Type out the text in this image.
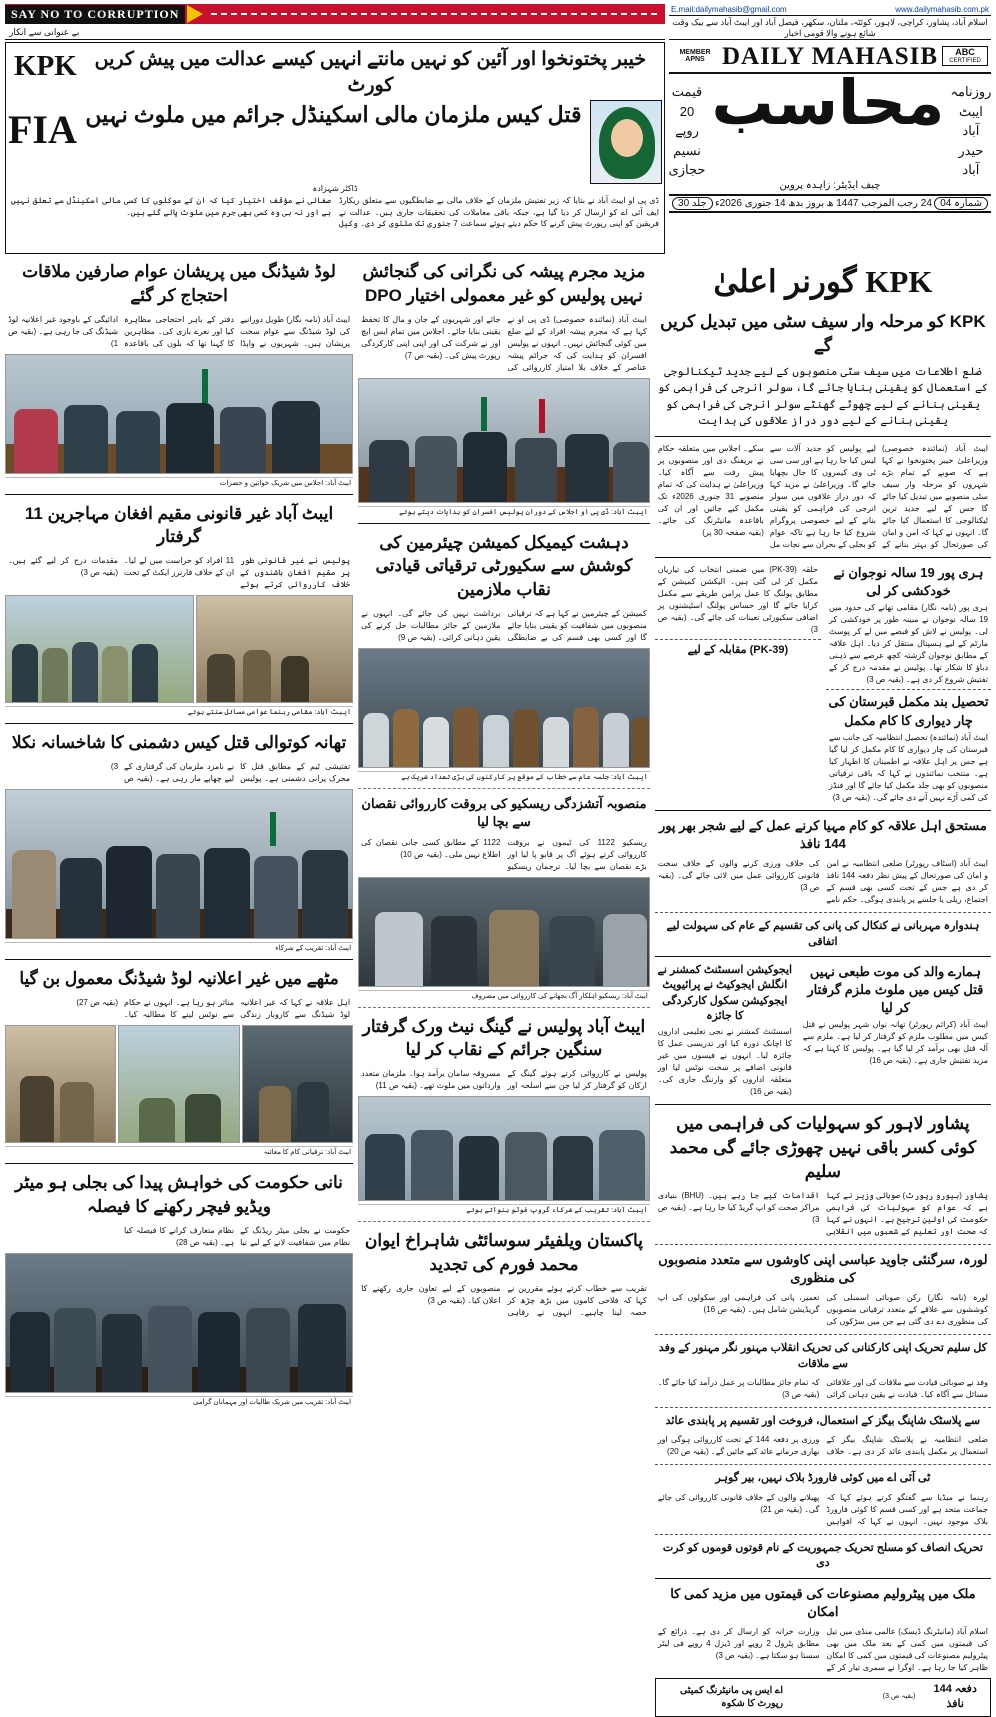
E.mail:dailymahasib@gmail.com	www.dailymahasib.com.pk
اسلام آباد، پشاور، کراچی، لاہور، کوئٹہ، ملتان، سکھر، فیصل آباد اور ایبٹ آباد سے بیک وقت شائع ہونے والا قومی اخبار
MEMBER
APNS DAILY MAHASIB	ABC
CERTIFIED
روزنامہ
ایبٹ آباد
حیدر آباد
محاسب
قیمت 20 روپے
نسیم حجازی
چیف ایڈیٹر: زاہدہ پروین
جلد 30 بروز بدھ 14 جنوری 2026ء 24 رجب المرجب 1447 ھ شمارہ 04
SAY NO TO CORRUPTION
بے عنوانی سے انکار
KPK خیبر پختونخوا اور آئین کو نہیں مانتے انہیں کیسے عدالت میں پیش کریں کورٹ
قتل کیس ملزمان مالی اسکینڈل جرائم میں ملوث نہیں
FIA
ڈاکٹر شہزادہ
ڈی پی او ایبٹ آباد نے بتایا کہ زیر تفتیش ملزمان کے خلاف مالی بے ضابطگیوں سے متعلق ریکارڈ ایف آئی اے کو ارسال کر دیا گیا ہے، جبکہ باقی معاملات کی تحقیقات جاری ہیں۔ عدالت نے فریقین کو اپنی رپورٹ پیش کرنے کا حکم دیتے ہوئے سماعت 7 جنوری تک ملتوی کر دی۔ وکیل صفائی نے مؤقف اختیار کیا کہ ان کے موکلوں کا کسی مالی اسکینڈل سے تعلق نہیں ہے اور نہ ہی وہ کسی بھی جرم میں ملوث پائے گئے ہیں۔
KPK گورنر اعلیٰ
KPK کو مرحلہ وار سیف سٹی میں تبدیل کریں گے
ضلع اطلاعات میں سیف سٹی منصوبوں کے لیے جدید ٹیکنالوجی کے استعمال کو یقینی بنایا جائے گا، سولر انرجی کی فراہمی کو یقینی بنانے کے لیے چھوٹے گھنٹے سولر انرجی کی فراہمی کو یقینی بنانے کے لیے دور دراز علاقوں کی ہدایت
ایبٹ آباد (نمائندہ خصوصی) وزیراعلیٰ خیبر پختونخوا نے کہا ہے کہ صوبے کے تمام بڑے شہروں کو مرحلہ وار سیف سٹی منصوبے میں تبدیل کیا جائے گا جس کے لیے جدید ترین ٹیکنالوجی کا استعمال کیا جائے گا۔ انہوں نے کہا کہ امن و امان کی صورتحال کو بہتر بنانے کے لیے پولیس کو جدید آلات سے لیس کیا جا رہا ہے اور سی سی ٹی وی کیمروں کا جال بچھایا جائے گا۔ وزیراعلیٰ نے مزید کہا کہ دور دراز علاقوں میں سولر انرجی کی فراہمی کو یقینی بنانے کے لیے خصوصی پروگرام شروع کیا جا رہا ہے تاکہ عوام کو بجلی کے بحران سے نجات مل سکے۔ اجلاس میں متعلقہ حکام نے بریفنگ دی اور منصوبوں پر پیش رفت سے آگاہ کیا۔ وزیراعلیٰ نے ہدایت کی کہ تمام منصوبے 31 جنوری 2026ء تک مکمل کیے جائیں اور ان کی باقاعدہ مانیٹرنگ کی جائے۔ (بقیہ صفحہ 30 پر)
ہری پور 19 سالہ نوجوان نے خودکشی کر لی
ہری پور (نامہ نگار) مقامی تھانے کی حدود میں 19 سالہ نوجوان نے مبینہ طور پر خودکشی کر لی۔ پولیس نے لاش کو قبضے میں لے کر پوسٹ مارٹم کے لیے ہسپتال منتقل کر دیا۔ اہل علاقہ کے مطابق نوجوان گزشتہ کچھ عرصے سے ذہنی دباؤ کا شکار تھا۔ پولیس نے مقدمہ درج کر کے تفتیش شروع کر دی ہے۔ (بقیہ ص 3)
تحصیل بند مکمل قبرستان کی چار دیواری کا کام مکمل
ایبٹ آباد (نمائندہ) تحصیل انتظامیہ کی جانب سے قبرستان کی چار دیواری کا کام مکمل کر لیا گیا ہے جس پر اہل علاقہ نے اطمینان کا اظہار کیا ہے۔ منتخب نمائندوں نے کہا کہ باقی ترقیاتی منصوبوں کو بھی جلد مکمل کیا جائے گا اور فنڈز کی کمی آڑے نہیں آنے دی جائے گی۔ (بقیہ ص 3)
حلقہ (39-PK) میں ضمنی انتخاب کی تیاریاں مکمل کر لی گئی ہیں۔ الیکشن کمیشن کے مطابق پولنگ کا عمل پرامن طریقے سے مکمل کرایا جائے گا اور حساس پولنگ اسٹیشنوں پر اضافی سکیورٹی تعینات کی جائے گی۔ (بقیہ ص 3)
(39-PK) مقابلہ کے لیے
مستحق اہل علاقہ کو کام مہیا کرنے عمل کے لیے شجر بھر پور 144 نافذ
ایبٹ آباد (اسٹاف رپورٹر) ضلعی انتظامیہ نے امن و امان کی صورتحال کے پیش نظر دفعہ 144 نافذ کر دی ہے جس کے تحت کسی بھی قسم کے اجتماع، ریلی یا جلسے پر پابندی ہوگی۔ حکم نامے کی خلاف ورزی کرنے والوں کے خلاف سخت قانونی کارروائی عمل میں لائی جائے گی۔ (بقیہ ص 3)
ہندوارہ مہربانی نے کنکال کی پانی کی تقسیم کے عام کی سہولت لیے اتفاقی
ہمارے والد کی موت طبعی نہیں قتل کیس میں ملوث ملزم گرفتار کر لیا
ایبٹ آباد (کرائم رپورٹر) تھانہ نواں شہر پولیس نے قتل کیس میں مطلوب ملزم کو گرفتار کر لیا ہے۔ ملزم سے آلہ قتل بھی برآمد کر لیا گیا ہے۔ پولیس کا کہنا ہے کہ مزید تفتیش جاری ہے۔ (بقیہ ص 16)
ایجوکیشن اسسٹنٹ کمشنر نے انگلش ایجوکیٹ نے پرائیویٹ ایجوکیشن سکول کارکردگی کا جائزہ
اسسٹنٹ کمشنر نے نجی تعلیمی اداروں کا اچانک دورہ کیا اور تدریسی عمل کا جائزہ لیا۔ انہوں نے فیسوں میں غیر قانونی اضافے پر سخت نوٹس لیا اور متعلقہ اداروں کو وارننگ جاری کی۔ (بقیہ ص 16)
پشاور لاہور کو سہولیات کی فراہمی میں کوئی کسر باقی نہیں چھوڑی جائے گی محمد سلیم
پشاور (بیورو رپورٹ) صوبائی وزیر نے کہا ہے کہ عوام کو سہولیات کی فراہمی حکومت کی اولین ترجیح ہے۔ انہوں نے کہا کہ صحت اور تعلیم کے شعبوں میں انقلابی اقدامات کیے جا رہے ہیں۔ (BHU) بنیادی مراکز صحت کو اپ گریڈ کیا جا رہا ہے۔ (بقیہ ص 3)
لورہ، سرگنئی جاوید عباسی اپنی کاوشوں سے متعدد منصوبوں کی منظوری
لورہ (نامہ نگار) رکن صوبائی اسمبلی کی کوششوں سے علاقے کے متعدد ترقیاتی منصوبوں کی منظوری دے دی گئی ہے جن میں سڑکوں کی تعمیر، پانی کی فراہمی اور سکولوں کی اپ گریڈیشن شامل ہیں۔ (بقیہ ص 16)
کل سلیم تحریک اپنی کارکنانی کی تحریک انقلاب مہنور نگر مہنور کے وفد سے ملاقات
وفد نے صوبائی قیادت سے ملاقات کی اور علاقائی مسائل سے آگاہ کیا۔ قیادت نے یقین دہانی کرائی کہ تمام جائز مطالبات پر عمل درآمد کیا جائے گا۔ (بقیہ ص 3)
سے پلاسٹک شاپنگ بیگز کے استعمال، فروخت اور تقسیم پر پابندی عائد
ضلعی انتظامیہ نے پلاسٹک شاپنگ بیگز کے استعمال پر مکمل پابندی عائد کر دی ہے۔ خلاف ورزی پر دفعہ 144 کے تحت کارروائی ہوگی اور بھاری جرمانے عائد کیے جائیں گے۔ (بقیہ ص 20)
ٹی آئی اے میں کوئی فارورڈ بلاک نہیں، بیر گوہر
رہنما نے میڈیا سے گفتگو کرتے ہوئے کہا کہ جماعت متحد ہے اور کسی قسم کا کوئی فارورڈ بلاک موجود نہیں۔ انہوں نے کہا کہ افواہیں پھیلانے والوں کے خلاف قانونی کارروائی کی جائے گی۔ (بقیہ ص 21)
تحریک انصاف کو مسلح تحریک جمہوریت کے نام قوتوں قوموں کو کرت دی
ملک میں پیٹرولیم مصنوعات کی قیمتوں میں مزید کمی کا امکان
اسلام آباد (مانیٹرنگ ڈیسک) عالمی منڈی میں تیل کی قیمتوں میں کمی کے بعد ملک میں بھی پیٹرولیم مصنوعات کی قیمتوں میں کمی کا امکان ظاہر کیا جا رہا ہے۔ اوگرا نے سمری تیار کر کے وزارت خزانہ کو ارسال کر دی ہے۔ ذرائع کے مطابق پٹرول 2 روپے اور ڈیزل 4 روپے فی لیٹر سستا ہو سکتا ہے۔ (بقیہ ص 3)
دفعہ 144 نافذ
(بقیہ ص 3)
اے ایس پی مانیٹرنگ کمیٹی رپورٹ کا شکوہ
مزید مجرم پیشہ کی نگرانی کی گنجائش نہیں پولیس کو غیر معمولی اختیار DPO
ایبٹ آباد (نمائندہ خصوصی) ڈی پی او نے کہا ہے کہ مجرم پیشہ افراد کے لیے ضلع میں کوئی گنجائش نہیں۔ انہوں نے پولیس افسران کو ہدایت کی کہ جرائم پیشہ عناصر کے خلاف بلا امتیاز کارروائی کی جائے اور شہریوں کے جان و مال کا تحفظ یقینی بنایا جائے۔ اجلاس میں تمام ایس ایچ اوز نے شرکت کی اور اپنی اپنی کارکردگی رپورٹ پیش کی۔ (بقیہ ص 7)
ایبٹ آباد: ڈی پی او اجلاس کے دوران پولیس افسران کو ہدایات دیتے ہوئے
دہشت کیمیکل کمیشن چیئرمین کی کوشش سے سکیورٹی ترقیاتی قیادتی نقاب ملازمین
کمیشن کے چیئرمین نے کہا ہے کہ ترقیاتی منصوبوں میں شفافیت کو یقینی بنایا جائے گا اور کسی بھی قسم کی بے ضابطگی برداشت نہیں کی جائے گی۔ انہوں نے ملازمین کے جائز مطالبات حل کرنے کی یقین دہانی کرائی۔ (بقیہ ص 9)
ایبٹ آباد: جلسہ عام سے خطاب کے موقع پر کارکنوں کی بڑی تعداد شریک ہے
منصوبہ آتشزدگی ریسکیو کی بروقت کارروائی نقصان سے بچا لیا
ریسکیو 1122 کی ٹیموں نے بروقت کارروائی کرتے ہوئے آگ پر قابو پا لیا اور بڑے نقصان سے بچا لیا۔ ترجمان ریسکیو 1122 کے مطابق کسی جانی نقصان کی اطلاع نہیں ملی۔ (بقیہ ص 10)
ایبٹ آباد: ریسکیو اہلکار آگ بجھانے کی کارروائی میں مصروف
ایبٹ آباد پولیس نے گینگ نیٹ ورک گرفتار سنگین جرائم کے نقاب کر لیا
پولیس نے کارروائی کرتے ہوئے گینگ کے ارکان کو گرفتار کر لیا جن سے اسلحہ اور مسروقہ سامان برآمد ہوا۔ ملزمان متعدد وارداتوں میں ملوث تھے۔ (بقیہ ص 11)
ایبٹ آباد: تقریب کے شرکاء گروپ فوٹو بنواتے ہوئے
پاکستان ویلفیئر سوسائٹی شاہراخ ایوان محمد فورم کی تجدید
تقریب سے خطاب کرتے ہوئے مقررین نے کہا کہ فلاحی کاموں میں بڑھ چڑھ کر حصہ لینا چاہیے۔ انہوں نے رفاہی منصوبوں کے لیے تعاون جاری رکھنے کا اعلان کیا۔ (بقیہ ص 3)
لوڈ شیڈنگ میں پریشان عوام صارفین ملاقات احتجاج کر گئے
ایبٹ آباد (نامہ نگار) طویل دورانیے کی لوڈ شیڈنگ سے عوام سخت پریشان ہیں۔ شہریوں نے واپڈا دفتر کے باہر احتجاجی مظاہرہ کیا اور نعرے بازی کی۔ مظاہرین کا کہنا تھا کہ بلوں کی باقاعدہ ادائیگی کے باوجود غیر اعلانیہ لوڈ شیڈنگ کی جا رہی ہے۔ (بقیہ ص 1)
ایبٹ آباد: اجلاس میں شریک خواتین و حضرات
ایبٹ آباد غیر قانونی مقیم افغان مہاجرین 11 گرفتار
پولیس نے غیر قانونی طور پر مقیم افغان باشندوں کے خلاف کارروائی کرتے ہوئے 11 افراد کو حراست میں لے لیا۔ ان کے خلاف فارنرز ایکٹ کے تحت مقدمات درج کر لیے گئے ہیں۔ (بقیہ ص 3)
ایبٹ آباد: مقامی رہنما عوامی مسائل سنتے ہوئے
تھانہ کوتوالی قتل کیس دشمنی کا شاخسانہ نکلا
تفتیشی ٹیم کے مطابق قتل کا محرک پرانی دشمنی ہے۔ پولیس نے نامزد ملزمان کی گرفتاری کے لیے چھاپے مار رہی ہے۔ (بقیہ ص 3)
ایبٹ آباد: تقریب کے شرکاء
مٹھے میں غیر اعلانیہ لوڈ شیڈنگ معمول بن گیا
اہل علاقہ نے کہا کہ غیر اعلانیہ لوڈ شیڈنگ سے کاروبار زندگی متاثر ہو رہا ہے۔ انہوں نے حکام سے نوٹس لینے کا مطالبہ کیا۔ (بقیہ ص 27)
ایبٹ آباد: ترقیاتی کام کا معائنہ
نانی حکومت کی خواہش پیدا کی بجلی ہو میٹر ویڈیو فیچر رکھنے کا فیصلہ
حکومت نے بجلی میٹر ریڈنگ کے نظام میں شفافیت لانے کے لیے نیا نظام متعارف کرانے کا فیصلہ کیا ہے۔ (بقیہ ص 28)
ایبٹ آباد: تقریب میں شریک طالبات اور مہمانان گرامی
